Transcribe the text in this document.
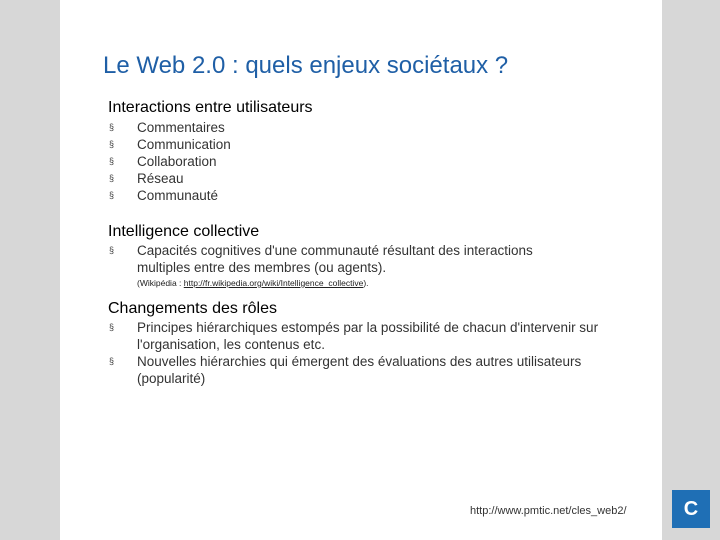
C
Le Web 2.0 : quels enjeux sociétaux ?
Interactions entre utilisateurs
§ Commentaires
§ Communication
§ Collaboration
§ Réseau
§ Communauté
Intelligence collective
§ Capacités cognitives d'une communauté résultant des interactions multiples entre des membres (ou agents).
(Wikipédia : http://fr.wikipedia.org/wiki/Intelligence_collective).
Changements des rôles
§ Principes hiérarchiques estompés par la possibilité de chacun d'intervenir sur l'organisation, les contenus etc.
§ Nouvelles hiérarchies qui émergent des évaluations des autres utilisateurs (popularité)
http://www.pmtic.net/cles_web2/
